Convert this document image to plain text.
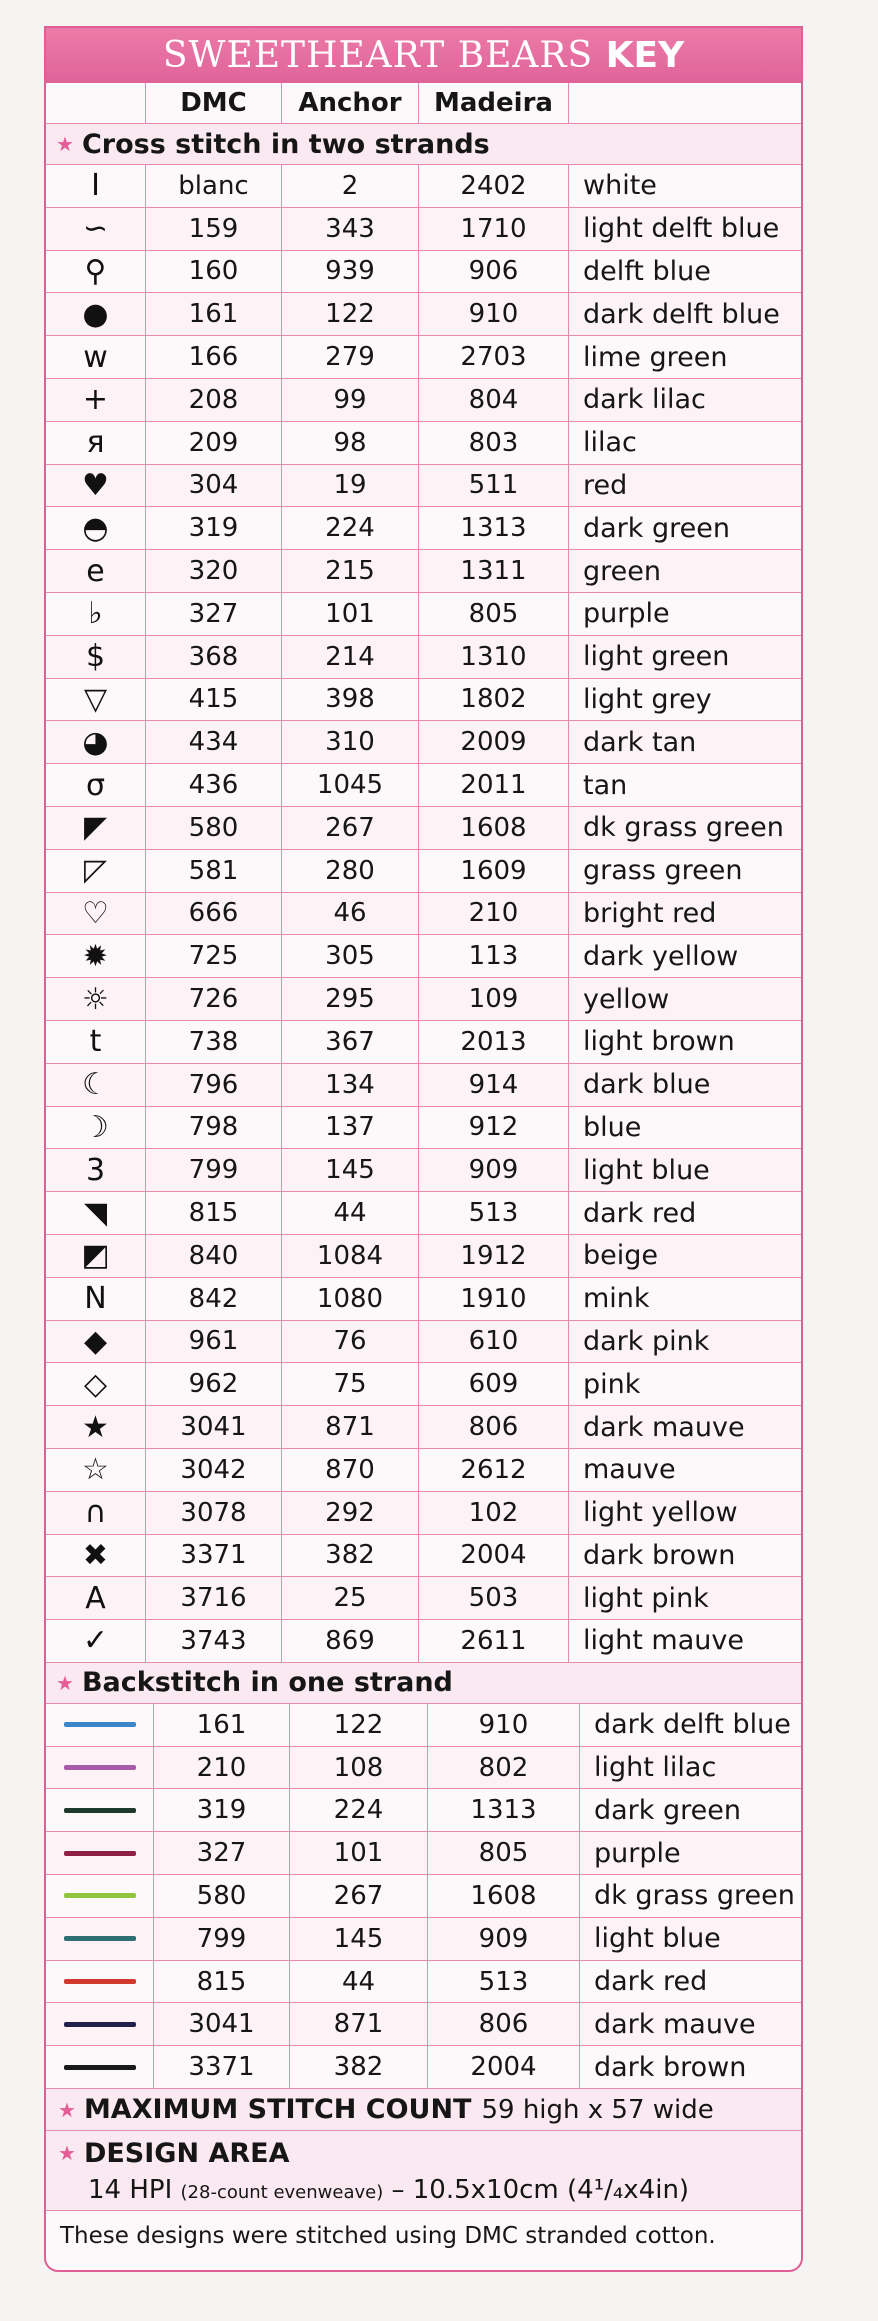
SWEETHEART BEARS KEY
DMC	Anchor	Madeira
★ Cross stitch in two strands
I	blanc	2	2402	white
∽	159	343	1710	light delft blue
⚲	160	939	906	delft blue
●	161	122	910	dark delft blue
w	166	279	2703	lime green
+	208	99	804	dark lilac
я	209	98	803	lilac
♥	304	19	511	red
◓	319	224	1313	dark green
e	320	215	1311	green
♭	327	101	805	purple
$	368	214	1310	light green
▽	415	398	1802	light grey
◕	434	310	2009	dark tan
σ	436	1045	2011	tan
◤	580	267	1608	dk grass green
◸	581	280	1609	grass green
♡	666	46	210	bright red
✹	725	305	113	dark yellow
☼	726	295	109	yellow
t	738	367	2013	light brown
☾	796	134	914	dark blue
☽	798	137	912	blue
3	799	145	909	light blue
◥	815	44	513	dark red
◩	840	1084	1912	beige
N	842	1080	1910	mink
◆	961	76	610	dark pink
◇	962	75	609	pink
★	3041	871	806	dark mauve
☆	3042	870	2612	mauve
∩	3078	292	102	light yellow
✖	3371	382	2004	dark brown
A	3716	25	503	light pink
✓	3743	869	2611	light mauve
★ Backstitch in one strand
161	122	910	dark delft blue
210	108	802	light lilac
319	224	1313	dark green
327	101	805	purple
580	267	1608	dk grass green
799	145	909	light blue
815	44	513	dark red
3041	871	806	dark mauve
3371	382	2004	dark brown
★ MAXIMUM STITCH COUNT 59 high x 57 wide
★ DESIGN AREA
14 HPI (28-count evenweave) – 10.5x10cm (4¹/₄x4in)
These designs were stitched using DMC stranded cotton.
